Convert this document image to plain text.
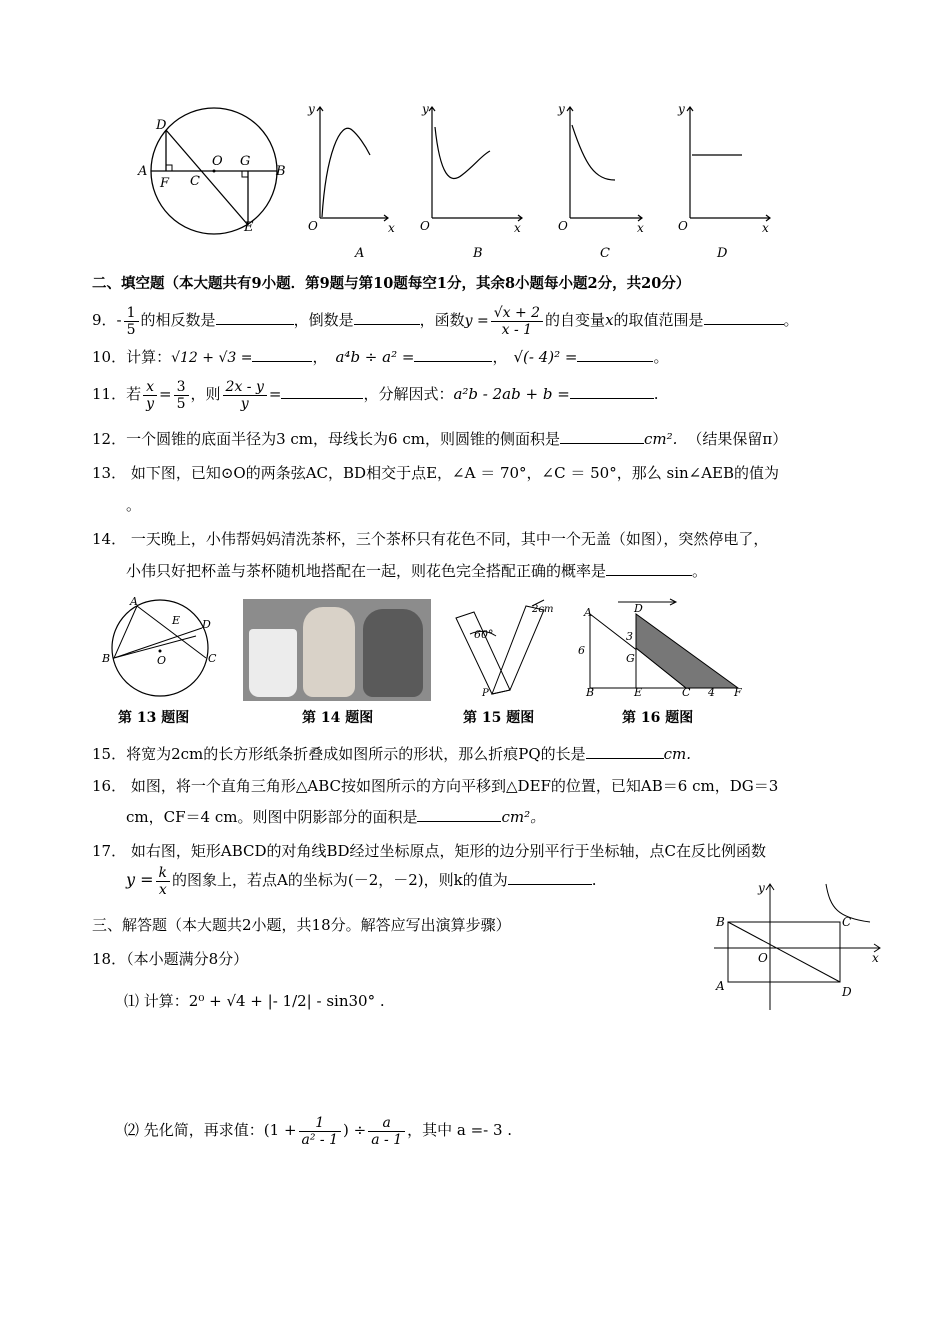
D
A
F C
O G
B
E
y
O	x
y
O	x
y
O	x
y
O	x
A	B	C	D
二、填空题（本大题共有9小题．第9题与第10题每空1分，其余8小题每小题2分，共20分）
9．- $\frac{1}{5}$ 的相反数是	，倒数是	，函数$y = \frac{√x + 2}{x - 1}$ 的自变量x的取值范围是	。
10．计算：√12 + √3 =	， a⁴b ÷ a² =	， √(- 4)² =	。
11．若 $\frac{x}{y} = \frac{3}{5}$ ，则 $\frac{2x - y}{y}$ =	，分解因式：a²b - 2ab + b =	.
12．一个圆锥的底面半径为3 cm，母线长为6 cm，则圆锥的侧面积是	cm². （结果保留π）
13． 如下图，已知⊙O的两条弦AC，BD相交于点E，∠A ＝ 70°，∠C ＝ 50°，那么 sin∠AEB的值为
。
14． 一天晚上，小伟帮妈妈清洗茶杯，三个茶杯只有花色不同，其中一个无盖（如图），突然停电了，
小伟只好把杯盖与茶杯随机地搭配在一起，则花色完全搭配正确的概率是	。
A
E D
B	O	C
60°
2cm
P
A	D
6
3
G
B	E	C 4 F
第 13 题图	第 14 题图	第 15 题图	第 16 题图
15．将宽为2cm的长方形纸条折叠成如图所示的形状，那么折痕PQ的长是	cm.
16． 如图，将一个直角三角形△ABC按如图所示的方向平移到△DEF的位置，已知AB＝6 cm，DG＝3
cm，CF＝4 cm。则图中阴影部分的面积是	cm²。
17． 如右图，矩形ABCD的对角线BD经过坐标原点，矩形的边分别平行于坐标轴，点C在反比例函数
$y = \frac{k}{x}$ 的图象上，若点A的坐标为(－2，－2)，则k的值为	.	y
x
O
B	C
A	D
三、解答题（本大题共2小题，共18分。解答应写出演算步骤）
18．（本小题满分8分）
⑴ 计算：2⁰ + √4 + |- 1/2| - sin30° .
⑵ 先化简，再求值：($1 + \frac{1}{\text{a² - 1}}$ ) ÷ $\frac{a}{a - 1}$ ，其中 a =- 3 .
